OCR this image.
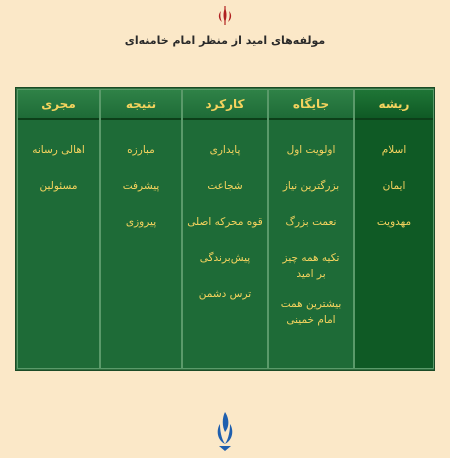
مولفه‌های امید از منظر امام خامنه‌ای
ریشه
اسلام
ایمان
مهدویت
جایگاه
اولویت اول
بزرگترین نیاز
نعمت بزرگ
تکیه همه چیز بر امید
بیشترین همت امام خمینی
کارکرد
پایداری
شجاعت
قوه محرکه اصلی
پیش‌برندگی
ترس دشمن
نتیجه
مبارزه
پیشرفت
پیروزی
مجری
اهالی رسانه
مسئولین
